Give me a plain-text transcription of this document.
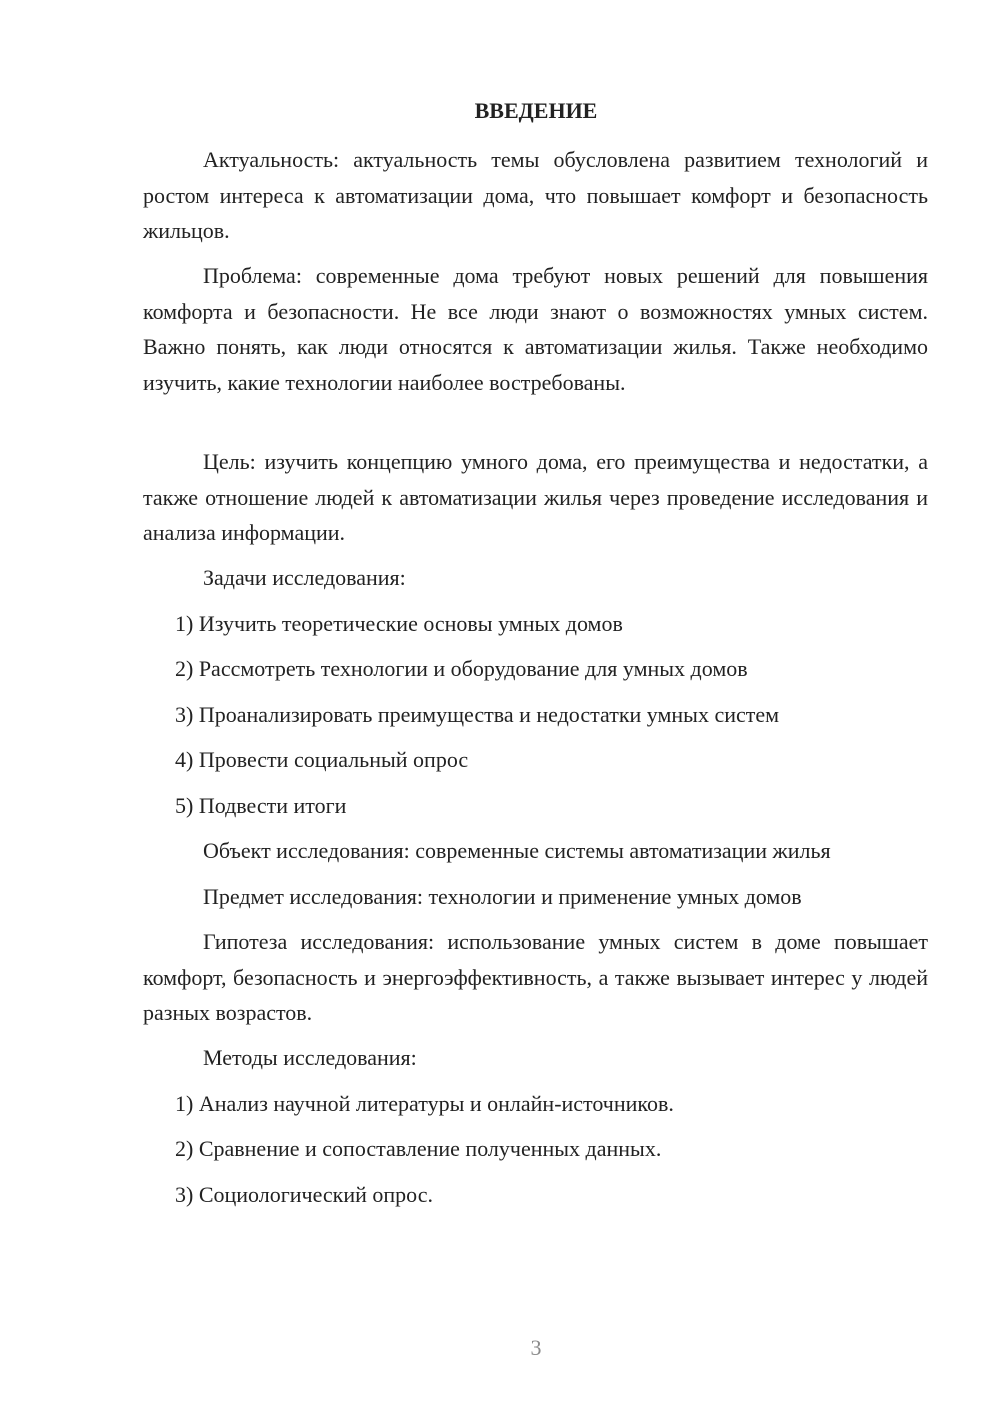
ВВЕДЕНИЕ

Актуальность: актуальность темы обусловлена развитием технологий и ростом интереса к автоматизации дома, что повышает комфорт и безопасность жильцов.

Проблема: современные дома требуют новых решений для повышения комфорта и безопасности. Не все люди знают о возможностях умных систем. Важно понять, как люди относятся к автоматизации жилья. Также необходимо изучить, какие технологии наиболее востребованы.

Цель: изучить концепцию умного дома, его преимущества и недостатки, а также отношение людей к автоматизации жилья через проведение исследования и анализа информации.

Задачи исследования:

1) Изучить теоретические основы умных домов

2) Рассмотреть технологии и оборудование для умных домов

3) Проанализировать преимущества и недостатки умных систем

4) Провести социальный опрос

5) Подвести итоги

Объект исследования: современные системы автоматизации жилья

Предмет исследования: технологии и применение умных домов

Гипотеза исследования: использование умных систем в доме повышает комфорт, безопасность и энергоэффективность, а также вызывает интерес у людей разных возрастов.

Методы исследования:

1) Анализ научной литературы и онлайн-источников.

2) Сравнение и сопоставление полученных данных.

3) Социологический опрос.

3
